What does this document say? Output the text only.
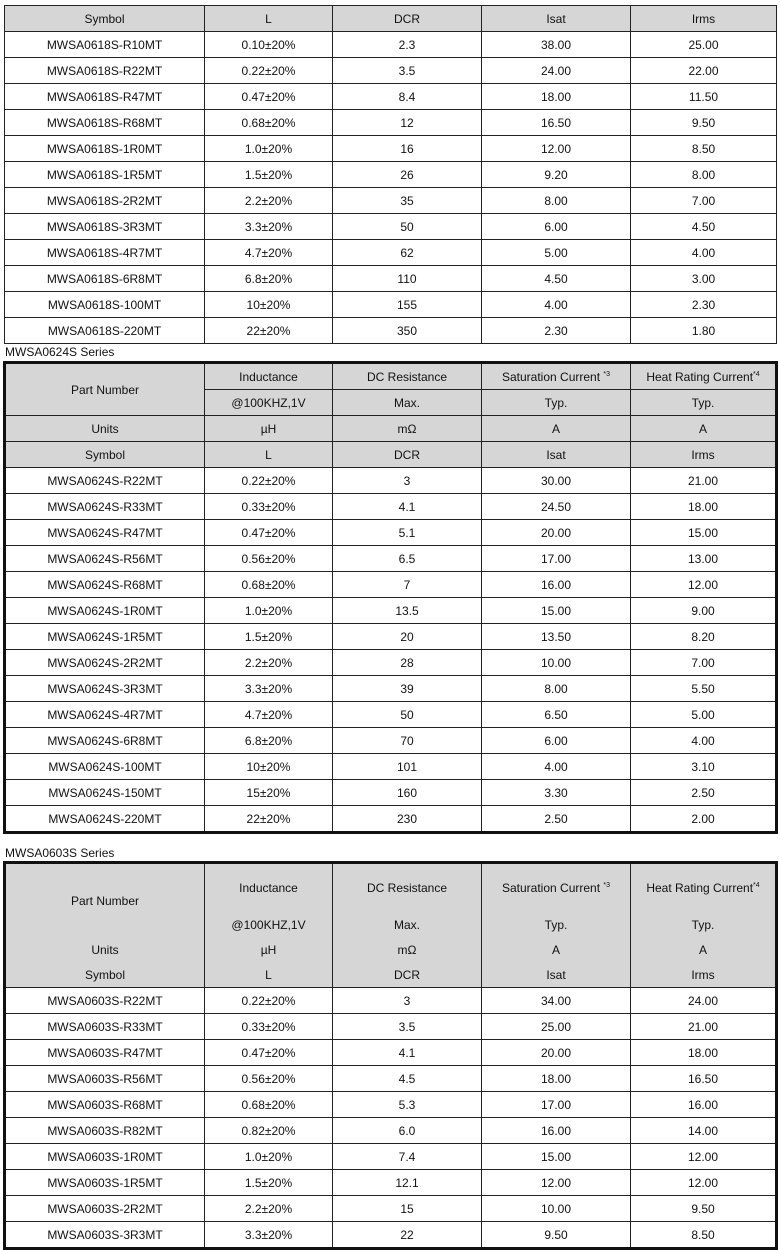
Symbol	L	DCR	Isat	Irms
MWSA0618S-R10MT	0.10±20%	2.3	38.00	25.00
MWSA0618S-R22MT	0.22±20%	3.5	24.00	22.00
MWSA0618S-R47MT	0.47±20%	8.4	18.00	11.50
MWSA0618S-R68MT	0.68±20%	12	16.50	9.50
MWSA0618S-1R0MT	1.0±20%	16	12.00	8.50
MWSA0618S-1R5MT	1.5±20%	26	9.20	8.00
MWSA0618S-2R2MT	2.2±20%	35	8.00	7.00
MWSA0618S-3R3MT	3.3±20%	50	6.00	4.50
MWSA0618S-4R7MT	4.7±20%	62	5.00	4.00
MWSA0618S-6R8MT	6.8±20%	110	4.50	3.00
MWSA0618S-100MT	10±20%	155	4.00	2.30
MWSA0618S-220MT	22±20%	350	2.30	1.80
MWSA0624S Series
Part Number	Inductance	DC Resistance	Saturation Current $^{*3}$	Heat Rating Current$^{*4}$
	@100KHZ,1V	Max.	Typ.	Typ.
Units	µH	mΩ	A	A
Symbol	L	DCR	Isat	Irms
MWSA0624S-R22MT	0.22±20%	3	30.00	21.00
MWSA0624S-R33MT	0.33±20%	4.1	24.50	18.00
MWSA0624S-R47MT	0.47±20%	5.1	20.00	15.00
MWSA0624S-R56MT	0.56±20%	6.5	17.00	13.00
MWSA0624S-R68MT	0.68±20%	7	16.00	12.00
MWSA0624S-1R0MT	1.0±20%	13.5	15.00	9.00
MWSA0624S-1R5MT	1.5±20%	20	13.50	8.20
MWSA0624S-2R2MT	2.2±20%	28	10.00	7.00
MWSA0624S-3R3MT	3.3±20%	39	8.00	5.50
MWSA0624S-4R7MT	4.7±20%	50	6.50	5.00
MWSA0624S-6R8MT	6.8±20%	70	6.00	4.00
MWSA0624S-100MT	10±20%	101	4.00	3.10
MWSA0624S-150MT	15±20%	160	3.30	2.50
MWSA0624S-220MT	22±20%	230	2.50	2.00
MWSA0603S Series
Part Number	Inductance	DC Resistance	Saturation Current $^{*3}$	Heat Rating Current$^{*4}$
	@100KHZ,1V	Max.	Typ.	Typ.
Units	µH	mΩ	A	A
Symbol	L	DCR	Isat	Irms
MWSA0603S-R22MT	0.22±20%	3	34.00	24.00
MWSA0603S-R33MT	0.33±20%	3.5	25.00	21.00
MWSA0603S-R47MT	0.47±20%	4.1	20.00	18.00
MWSA0603S-R56MT	0.56±20%	4.5	18.00	16.50
MWSA0603S-R68MT	0.68±20%	5.3	17.00	16.00
MWSA0603S-R82MT	0.82±20%	6.0	16.00	14.00
MWSA0603S-1R0MT	1.0±20%	7.4	15.00	12.00
MWSA0603S-1R5MT	1.5±20%	12.1	12.00	12.00
MWSA0603S-2R2MT	2.2±20%	15	10.00	9.50
MWSA0603S-3R3MT	3.3±20%	22	9.50	8.50
